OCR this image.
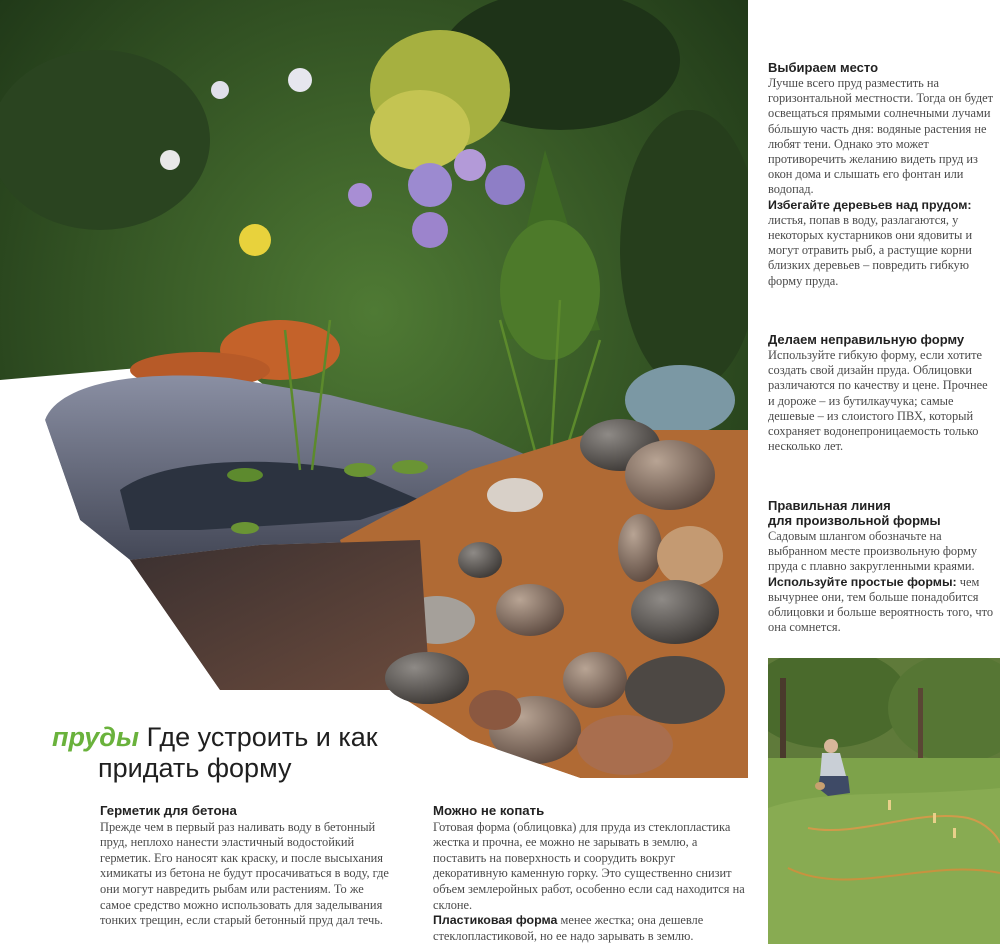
Выбираем место

Лучше всего пруд разместить на горизонтальной местности. Тогда он будет освещаться прямыми солнечными лучами бóльшую часть дня: водяные растения не любят тени. Однако это может противоречить желанию видеть пруд из окон дома и слышать его фонтан или водопад.

Избегайте деревьев над прудом: листья, попав в воду, разлагаются, у некоторых кустарников они ядовиты и могут отравить рыб, а растущие корни близких деревьев – повредить гибкую форму пруда.

Делаем неправильную форму

Используйте гибкую форму, если хотите создать свой дизайн пруда. Облицовки различаются по качеству и цене. Прочнее и дороже – из бутилкаучука; самые дешевые – из слоистого ПВХ, который сохраняет водонепроницаемость только несколько лет.

Правильная линия
для произвольной формы

Садовым шлангом обозначьте на выбранном месте произвольную форму пруда с плавно закругленными краями.

Используйте простые формы: чем вычурнее они, тем больше понадобится облицовки и больше вероятность того, что она сомнется.

пруды Где устроить и как
придать форму
Герметик для бетона

Прежде чем в первый раз наливать воду в бетонный пруд, неплохо нанести эластичный водостойкий герметик. Его наносят как краску, и после высыхания химикаты из бетона не будут просачиваться в воду, где они могут навредить рыбам или растениям. То же самое средство можно использовать для заделывания тонких трещин, если старый бетонный пруд дал течь.

Можно не копать

Готовая форма (облицовка) для пруда из стеклопластика жестка и прочна, ее можно не зарывать в землю, а поставить на поверхность и соорудить вокруг декоративную каменную горку. Это существенно снизит объем землеройных работ, особенно если сад находится на склоне.

Пластиковая форма менее жестка; она дешевле стеклопластиковой, но ее надо зарывать в землю.
